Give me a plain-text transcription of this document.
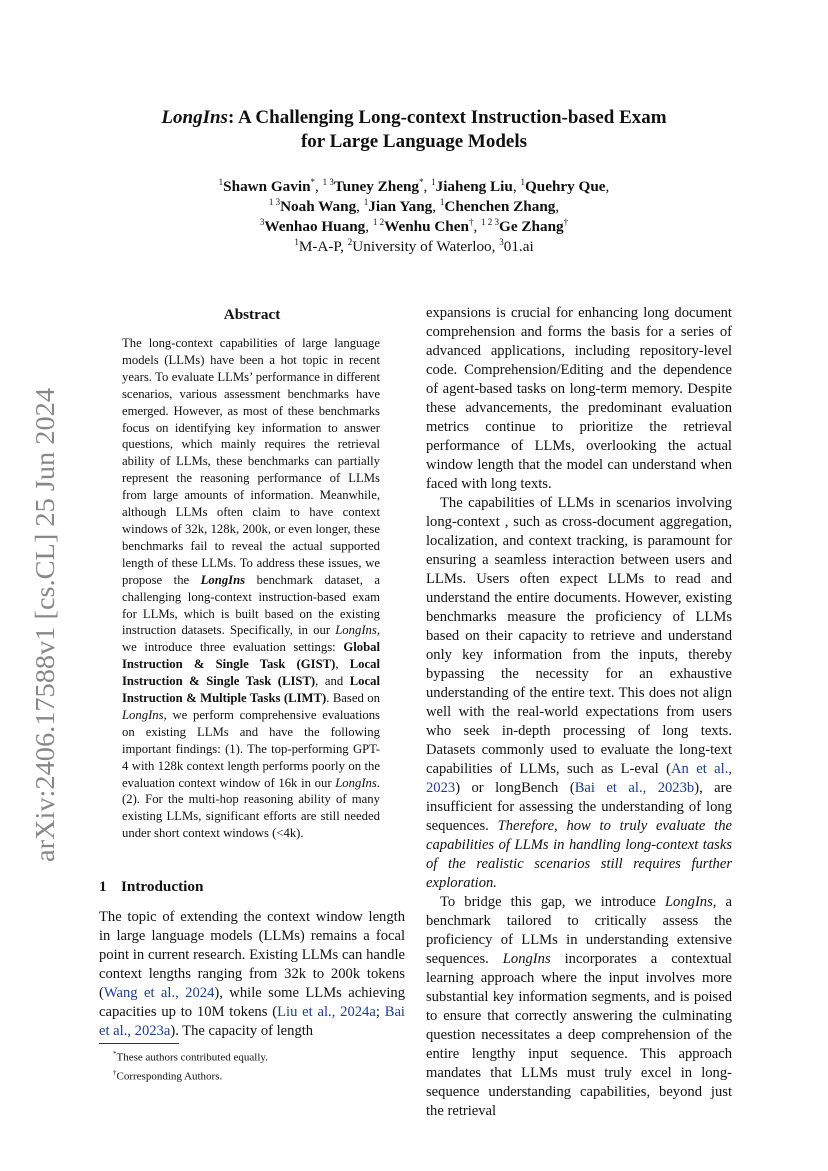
arXiv:2406.17588v1 [cs.CL] 25 Jun 2024
LongIns: A Challenging Long-context Instruction-based Exam
for Large Language Models
$^1$Shawn Gavin*, $^{1 3}$Tuney Zheng*, $^1$Jiaheng Liu, $^1$Quehry Que,
$^{1 3}$Noah Wang, $^1$Jian Yang, $^1$Chenchen Zhang,
$^3$Wenhao Huang, $^{1 2}$Wenhu Chen†, $^{1 2 3}$Ge Zhang†
$^1$M-A-P, $^2$University of Waterloo, $^3$01.ai
Abstract
The long-context capabilities of large language models (LLMs) have been a hot topic in recent years. To evaluate LLMs’ performance in different scenarios, various assessment benchmarks have emerged. However, as most of these benchmarks focus on identifying key information to answer questions, which mainly requires the retrieval ability of LLMs, these benchmarks can partially represent the reasoning performance of LLMs from large amounts of information. Meanwhile, although LLMs often claim to have context windows of 32k, 128k, 200k, or even longer, these benchmarks fail to reveal the actual supported length of these LLMs. To address these issues, we propose the LongIns benchmark dataset, a challenging long-context instruction-based exam for LLMs, which is built based on the existing instruction datasets. Specifically, in our LongIns, we introduce three evaluation settings: Global Instruction & Single Task (GIST), Local Instruction & Single Task (LIST), and Local Instruction & Multiple Tasks (LIMT). Based on LongIns, we perform comprehensive evaluations on existing LLMs and have the following important findings: (1). The top-performing GPT-4 with 128k context length performs poorly on the evaluation context window of 16k in our LongIns. (2). For the multi-hop reasoning ability of many existing LLMs, significant efforts are still needed under short context windows (<4k).
1 Introduction
The topic of extending the context window length in large language models (LLMs) remains a focal point in current research. Existing LLMs can handle context lengths ranging from 32k to 200k tokens (Wang et al., 2024), while some LLMs achieving capacities up to 10M tokens (Liu et al., 2024a; Bai et al., 2023a). The capacity of length
*These authors contributed equally.
†Corresponding Authors.

expansions is crucial for enhancing long document comprehension and forms the basis for a series of advanced applications, including repository-level code. Comprehension/Editing and the dependence of agent-based tasks on long-term memory. Despite these advancements, the predominant evaluation metrics continue to prioritize the retrieval performance of LLMs, overlooking the actual window length that the model can understand when faced with long texts.

The capabilities of LLMs in scenarios involving long-context , such as cross-document aggregation, localization, and context tracking, is paramount for ensuring a seamless interaction between users and LLMs. Users often expect LLMs to read and understand the entire documents. However, existing benchmarks measure the proficiency of LLMs based on their capacity to retrieve and understand only key information from the inputs, thereby bypassing the necessity for an exhaustive understanding of the entire text. This does not align well with the real-world expectations from users who seek in-depth processing of long texts. Datasets commonly used to evaluate the long-text capabilities of LLMs, such as L-eval (An et al., 2023) or longBench (Bai et al., 2023b), are insufficient for assessing the understanding of long sequences. Therefore, how to truly evaluate the capabilities of LLMs in handling long-context tasks of the realistic scenarios still requires further exploration.

To bridge this gap, we introduce LongIns, a benchmark tailored to critically assess the proficiency of LLMs in understanding extensive sequences. LongIns incorporates a contextual learning approach where the input involves more substantial key information segments, and is poised to ensure that correctly answering the culminating question necessitates a deep comprehension of the entire lengthy input sequence. This approach mandates that LLMs must truly excel in long-sequence understanding capabilities, beyond just the retrieval
